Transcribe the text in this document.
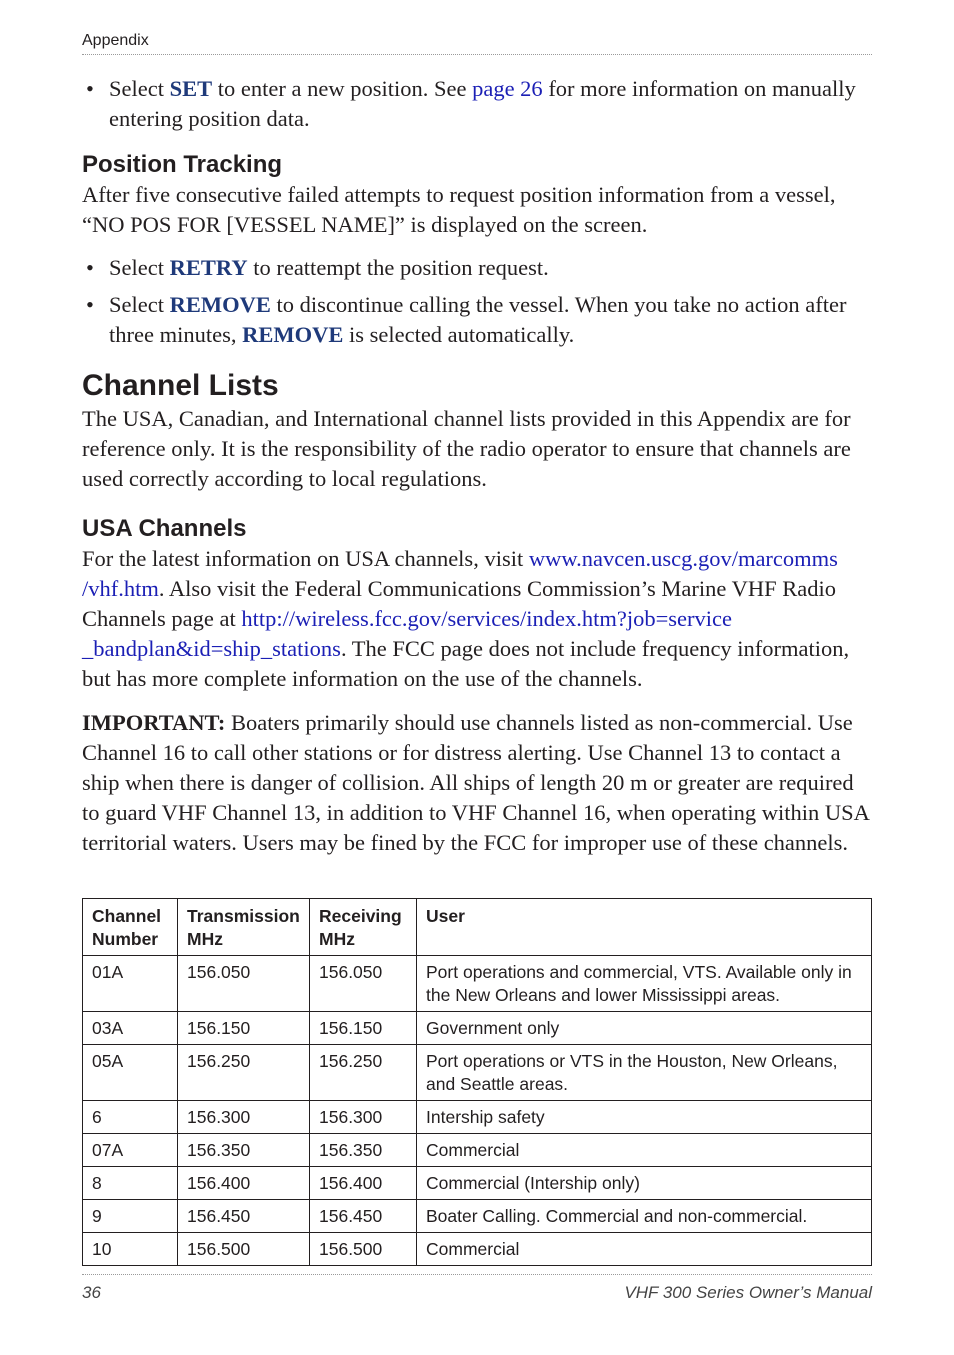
Appendix
• Select SET to enter a new position. See page 26 for more information on manually entering position data.
Position Tracking

After five consecutive failed attempts to request position information from a vessel, “NO POS FOR [VESSEL NAME]” is displayed on the screen.

• Select RETRY to reattempt the position request.
• Select REMOVE to discontinue calling the vessel. When you take no action after three minutes, REMOVE is selected automatically.
Channel Lists

The USA, Canadian, and International channel lists provided in this Appendix are for reference only. It is the responsibility of the radio operator to ensure that channels are used correctly according to local regulations.

USA Channels

For the latest information on USA channels, visit www.navcen.uscg.gov/marcomms /vhf.htm. Also visit the Federal Communications Commission’s Marine VHF Radio Channels page at http://wireless.fcc.gov/services/index.htm?job=service _bandplan&id=ship_stations. The FCC page does not include frequency information, but has more complete information on the use of the channels.

IMPORTANT: Boaters primarily should use channels listed as non-commercial. Use Channel 16 to call other stations or for distress alerting. Use Channel 13 to contact a ship when there is danger of collision. All ships of length 20 m or greater are required to guard VHF Channel 13, in addition to VHF Channel 16, when operating within USA territorial waters. Users may be fined by the FCC for improper use of these channels.

Channel Number	Transmission MHz	Receiving MHz	User
01A	156.050	156.050	Port operations and commercial, VTS. Available only in the New Orleans and lower Mississippi areas.
03A	156.150	156.150	Government only
05A	156.250	156.250	Port operations or VTS in the Houston, New Orleans, and Seattle areas.
6	156.300	156.300	Intership safety
07A	156.350	156.350	Commercial
8	156.400	156.400	Commercial (Intership only)
9	156.450	156.450	Boater Calling. Commercial and non-commercial.
10	156.500	156.500	Commercial
36	VHF 300 Series Owner’s Manual
